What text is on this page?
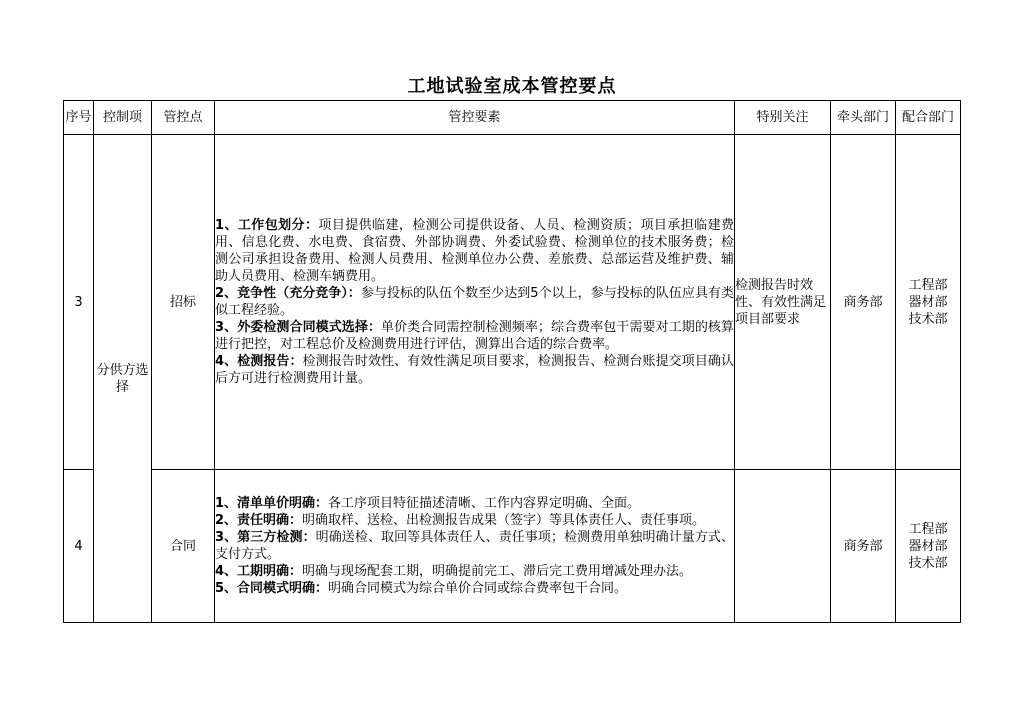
工地试验室成本管控要点
序号	控制项	管控点	管控要素	特别关注	牵头部门	配合部门
3	分供方选择	招标	1、工作包划分：项目提供临建，检测公司提供设备、人员、检测资质；项目承担临建费用、信息化费、水电费、食宿费、外部协调费、外委试验费、检测单位的技术服务费；检测公司承担设备费用、检测人员费用、检测单位办公费、差旅费、总部运营及维护费、辅助人员费用、检测车辆费用。

2、竞争性（充分竞争）：参与投标的队伍个数至少达到5个以上，参与投标的队伍应具有类似工程经验。

3、外委检测合同模式选择：单价类合同需控制检测频率；综合费率包干需要对工期的核算进行把控，对工程总价及检测费用进行评估，测算出合适的综合费率。

4、检测报告：检测报告时效性、有效性满足项目要求，检测报告、检测台账提交项目确认后方可进行检测费用计量。	检测报告时效性、有效性满足项目部要求	商务部	工程部器材部技术部
4		合同	1、清单单价明确：各工序项目特征描述清晰、工作内容界定明确、全面。

2、责任明确：明确取样、送检、出检测报告成果（签字）等具体责任人、责任事项。

3、第三方检测：明确送检、取回等具体责任人、责任事项；检测费用单独明确计量方式、支付方式。

4、工期明确：明确与现场配套工期，明确提前完工、滞后完工费用增减处理办法。

5、合同模式明确：明确合同模式为综合单价合同或综合费率包干合同。		商务部	工程部器材部技术部
